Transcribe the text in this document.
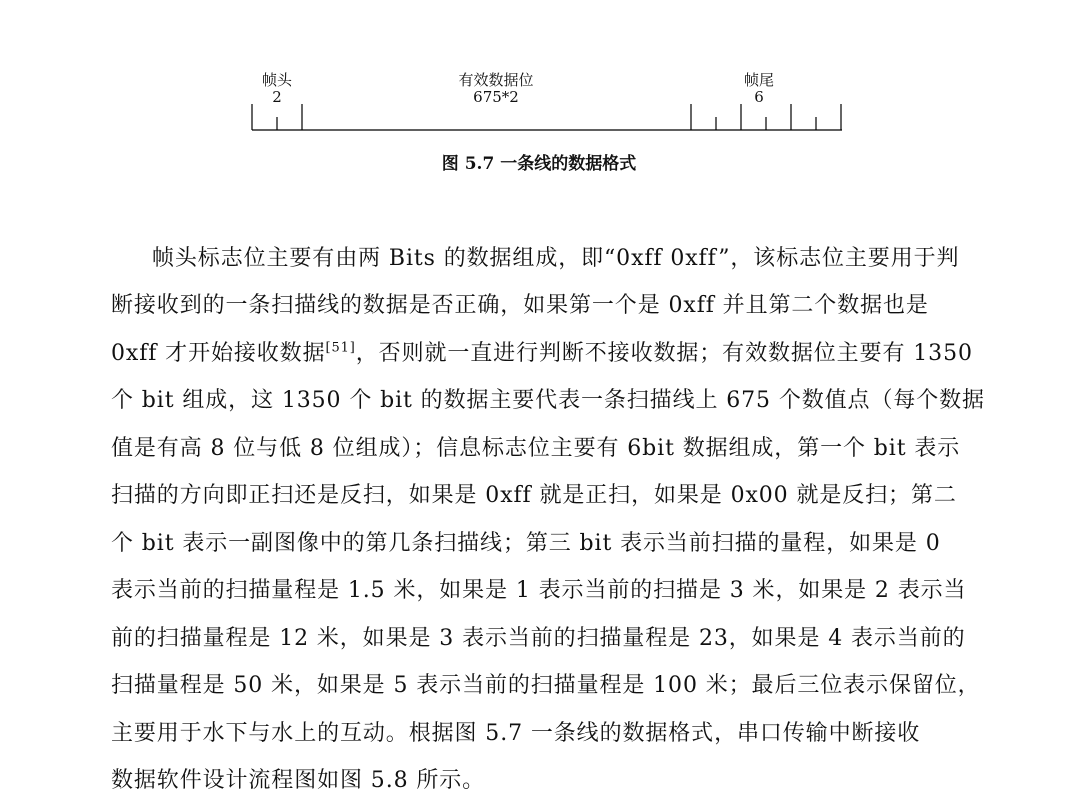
帧头
2
有效数据位
675*2
帧尾
6
图 5.7 一条线的数据格式
帧头标志位主要有由两 Bits 的数据组成，即“0xff 0xff”，该标志位主要用于判
断接收到的一条扫描线的数据是否正确，如果第一个是 0xff 并且第二个数据也是
0xff 才开始接收数据[51]，否则就一直进行判断不接收数据；有效数据位主要有 1350
个 bit 组成，这 1350 个 bit 的数据主要代表一条扫描线上 675 个数值点（每个数据
值是有高 8 位与低 8 位组成）；信息标志位主要有 6bit 数据组成，第一个 bit 表示
扫描的方向即正扫还是反扫，如果是 0xff 就是正扫，如果是 0x00 就是反扫；第二
个 bit 表示一副图像中的第几条扫描线；第三 bit 表示当前扫描的量程，如果是 0
表示当前的扫描量程是 1.5 米，如果是 1 表示当前的扫描是 3 米，如果是 2 表示当
前的扫描量程是 12 米，如果是 3 表示当前的扫描量程是 23，如果是 4 表示当前的
扫描量程是 50 米，如果是 5 表示当前的扫描量程是 100 米；最后三位表示保留位，
主要用于水下与水上的互动。根据图 5.7 一条线的数据格式，串口传输中断接收
数据软件设计流程图如图 5.8 所示。
